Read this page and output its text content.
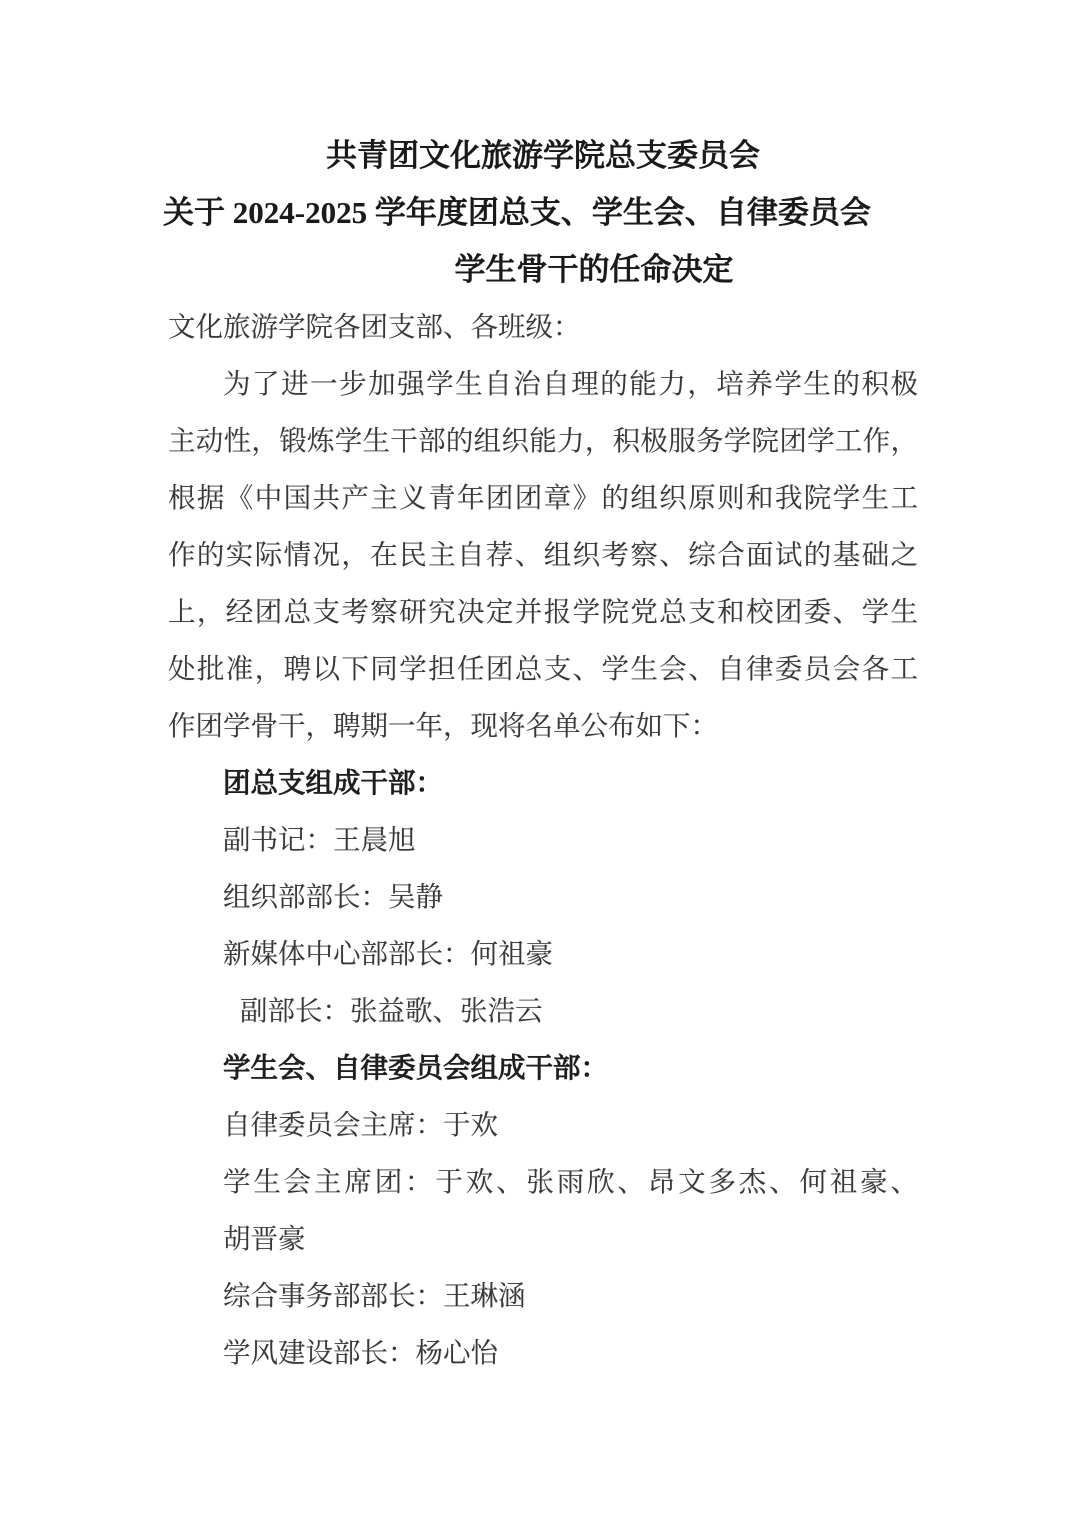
共青团文化旅游学院总支委员会
关于 2024-2025 学年度团总支、学生会、自律委员会
学生骨干的任命决定
文化旅游学院各团支部、各班级：
为了进一步加强学生自治自理的能力，培养学生的积极
主动性，锻炼学生干部的组织能力，积极服务学院团学工作，
根据《中国共产主义青年团团章》的组织原则和我院学生工
作的实际情况，在民主自荐、组织考察、综合面试的基础之
上，经团总支考察研究决定并报学院党总支和校团委、学生
处批准，聘以下同学担任团总支、学生会、自律委员会各工
作团学骨干，聘期一年，现将名单公布如下：
团总支组成干部：
副书记：王晨旭
组织部部长：吴静
新媒体中心部部长：何祖豪
副部长：张益歌、张浩云
学生会、自律委员会组成干部：
自律委员会主席：于欢
学生会主席团：于欢、张雨欣、昂文多杰、何祖豪、
胡晋豪
综合事务部部长：王琳涵
学风建设部长：杨心怡
